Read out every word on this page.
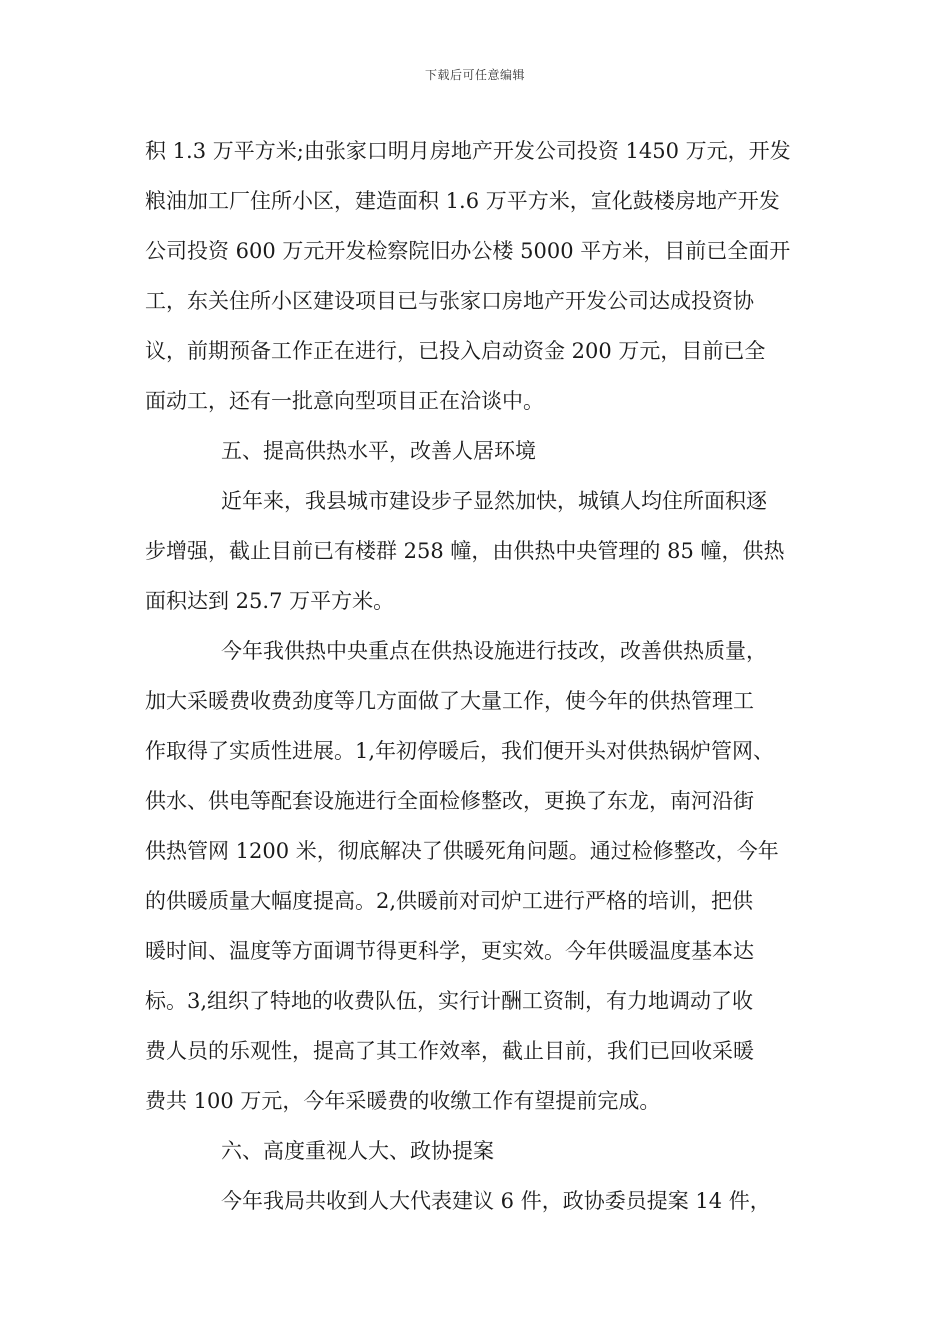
下载后可任意编辑
积 1.3 万平方米;由张家口明月房地产开发公司投资 1450 万元，开发
粮油加工厂住所小区，建造面积 1.6 万平方米，宣化鼓楼房地产开发
公司投资 600 万元开发检察院旧办公楼 5000 平方米，目前已全面开
工，东关住所小区建设项目已与张家口房地产开发公司达成投资协
议，前期预备工作正在进行，已投入启动资金 200 万元，目前已全
面动工，还有一批意向型项目正在洽谈中。
五、提高供热水平，改善人居环境
近年来，我县城市建设步子显然加快，城镇人均住所面积逐
步增强，截止目前已有楼群 258 幢，由供热中央管理的 85 幢，供热
面积达到 25.7 万平方米。
今年我供热中央重点在供热设施进行技改，改善供热质量，
加大采暖费收费劲度等几方面做了大量工作，使今年的供热管理工
作取得了实质性进展。1,年初停暖后，我们便开头对供热锅炉管网、
供水、供电等配套设施进行全面检修整改，更换了东龙，南河沿街
供热管网 1200 米，彻底解决了供暖死角问题。通过检修整改，今年
的供暖质量大幅度提高。2,供暖前对司炉工进行严格的培训，把供
暖时间、温度等方面调节得更科学，更实效。今年供暖温度基本达
标。3,组织了特地的收费队伍，实行计酬工资制，有力地调动了收
费人员的乐观性，提高了其工作效率，截止目前，我们已回收采暖
费共 100 万元，今年采暖费的收缴工作有望提前完成。
六、高度重视人大、政协提案
今年我局共收到人大代表建议 6 件，政协委员提案 14 件，
